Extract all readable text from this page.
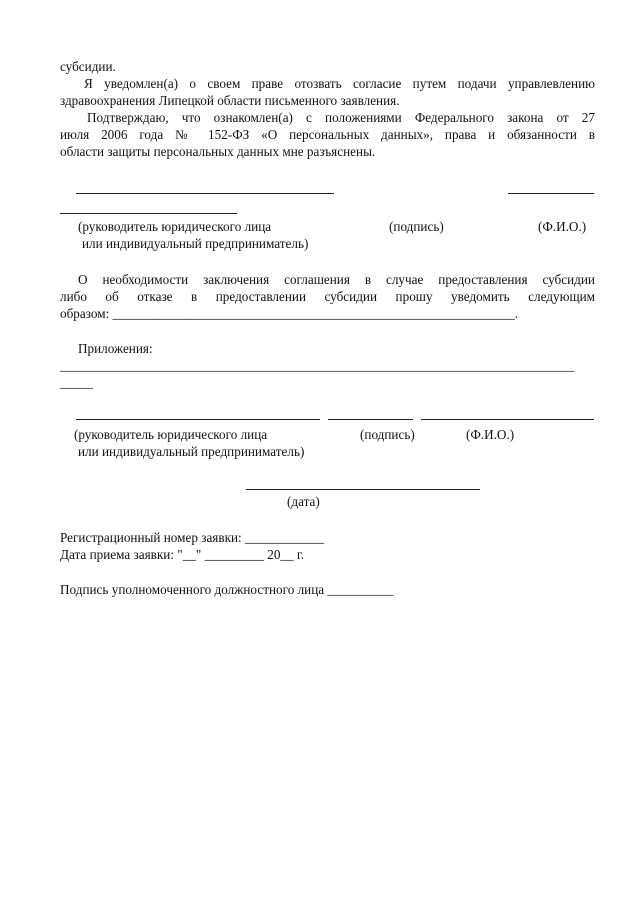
субсидии.
Я уведомлен(а) о своем праве отозвать согласие путем подачи управлевлению
здравоохранения Липецкой области письменного заявления.
Подтверждаю, что ознакомлен(а) с положениями Федерального закона от 27
июля 2006 года № 152-ФЗ «О персональных данных», права и обязанности в
области защиты персональных данных мне разъяснены.
(руководитель юридического лица	(подпись)	(Ф.И.О.)
или индивидуальный предприниматель)
О необходимости заключения соглашения в случае предоставления субсидии
либо об отказе в предоставлении субсидии прошу уведомить следующим
образом: _____________________________________________________________.
Приложения:
______________________________________________________________________________
_____
(руководитель юридического лица	(подпись)	(Ф.И.О.)
или индивидуальный предприниматель)
(дата)
Регистрационный номер заявки: ____________
Дата приема заявки: "__" _________ 20__ г.
Подпись уполномоченного должностного лица __________
